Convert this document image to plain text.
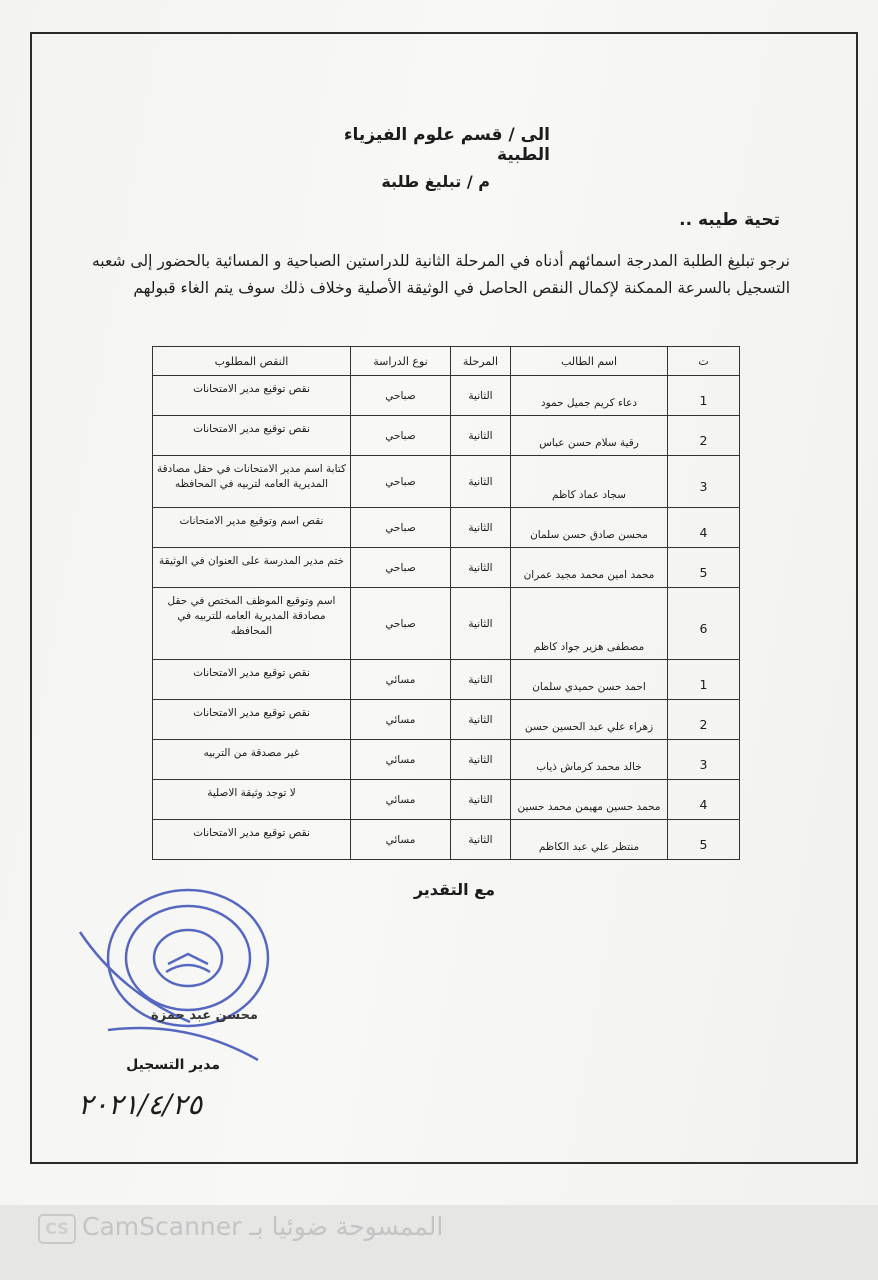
الى / قسم علوم الفيزياء الطبية
م / تبليغ طلبة
تحية طيبه ..
نرجو تبليغ الطلبة المدرجة اسمائهم أدناه في المرحلة الثانية للدراستين الصباحية و المسائية بالحضور إلى شعبه التسجيل بالسرعة الممكنة لإكمال النقص الحاصل في الوثيقة الأصلية وخلاف ذلك سوف يتم الغاء قبولهم
ت	اسم الطالب	المرحلة	نوع الدراسة	النقص المطلوب
1	دعاء كريم جميل حمود	الثانية	صباحي	نقص توقيع مدير الامتحانات
2	رقية سلام حسن عباس	الثانية	صباحي	نقص توقيع مدير الامتحانات
3	سجاد عماد كاظم	الثانية	صباحي	كتابة اسم مدير الامتحانات في حقل مصادقة المديرية العامه لتربيه في المحافظه
4	محسن صادق حسن سلمان	الثانية	صباحي	نقص اسم وتوقيع مدير الامتحانات
5	محمد امين محمد مجيد عمران	الثانية	صباحي	ختم مدير المدرسة على العنوان في الوثيقة
6	مصطفى هزير جواد كاظم	الثانية	صباحي	اسم وتوقيع الموظف المختص في حقل مصادقة المديرية العامه للتربيه في المحافظه
1	احمد حسن حميدي سلمان	الثانية	مسائي	نقص توقيع مدير الامتحانات
2	زهراء علي عبد الحسين حسن	الثانية	مسائي	نقص توقيع مدير الامتحانات
3	خالد محمد كرماش ذياب	الثانية	مسائي	غير مصدقة من التربيه
4	محمد حسين مهيمن محمد حسين	الثانية	مسائي	لا توجد وثيقة الاصلية
5	منتظر علي عبد الكاظم	الثانية	مسائي	نقص توقيع مدير الامتحانات
مع التقدير
محسن عبد حمزة
مدير التسجيل
٢٠٢١/٤/٢٥
CS CamScanner الممسوحة ضوئيا بـ
